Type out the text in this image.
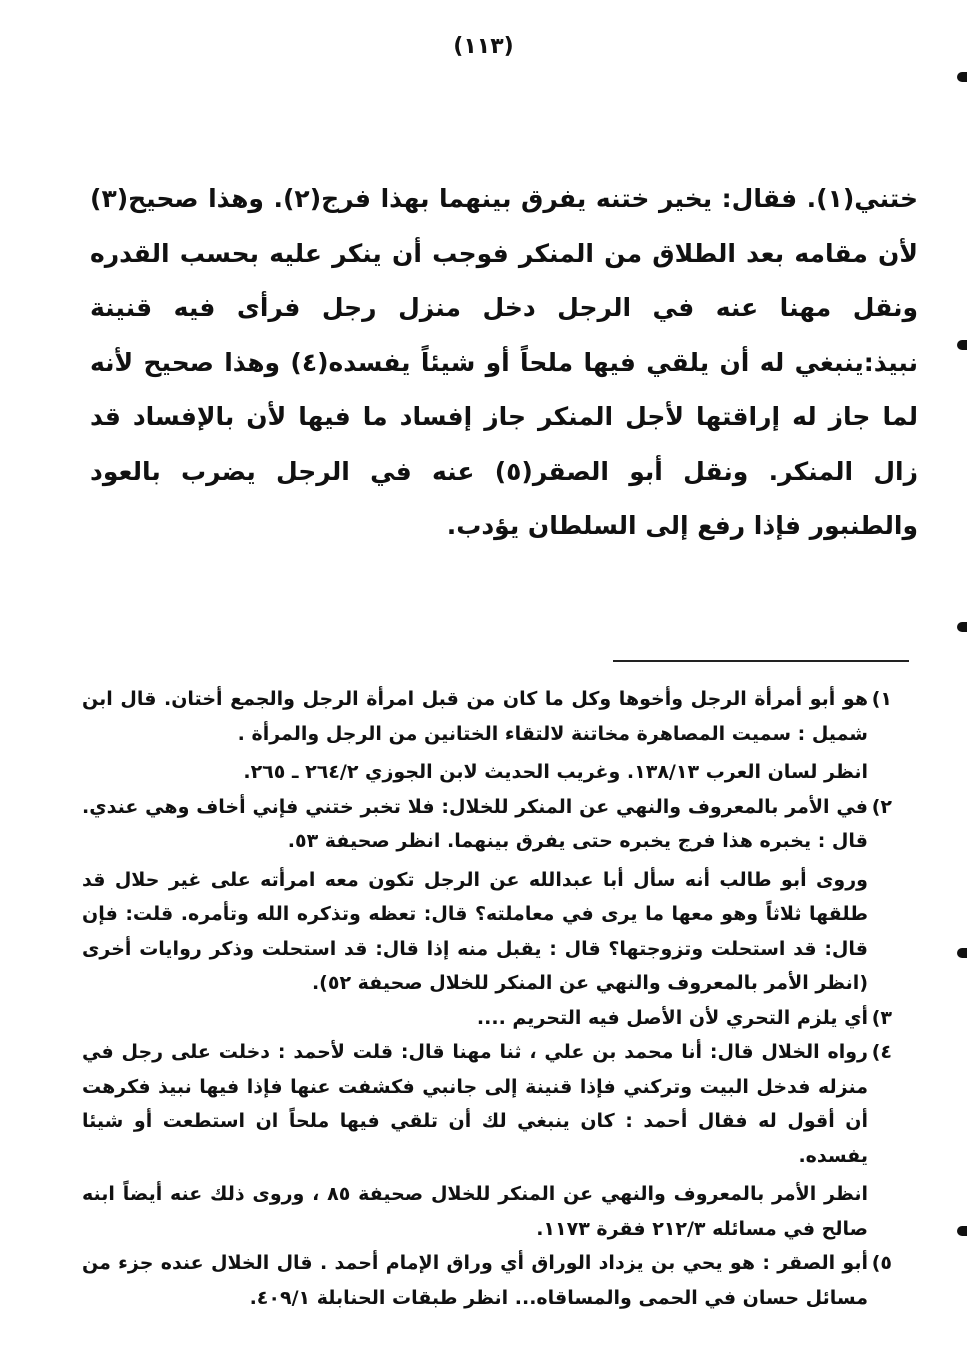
(١١٣)
ختني(١). فقال: يخير ختنه يفرق بينهما بهذا فرج(٢). وهذا صحيح(٣) لأن مقامه بعد الطلاق من المنكر فوجب أن ينكر عليه بحسب القدره ونقل مهنا عنه في الرجل دخل منزل رجل فرأى فيه قنينة نبيذ:ينبغي له أن يلقي فيها ملحاً أو شيئاً يفسده(٤) وهذا صحيح لأنه لما جاز له إراقتها لأجل المنكر جاز إفساد ما فيها لأن بالإفساد قد زال المنكر. ونقل أبو الصقر(٥) عنه في الرجل يضرب بالعود والطنبور فإذا رفع إلى السلطان يؤدب.
١)
هو أبو أمرأة الرجل وأخوها وكل ما كان من قبل امرأة الرجل والجمع أختان. قال ابن شميل : سميت المصاهرة مخاتنة لالتقاء الختانين من الرجل والمرأة .
انظر لسان العرب ١٣٨/١٣. وغريب الحديث لابن الجوزي ٢٦٤/٢ ـ ٢٦٥.
٢)
في الأمر بالمعروف والنهي عن المنكر للخلال: فلا تخبر ختني فإني أخاف وهي عندي. قال : يخبره هذا فرج يخبره حتى يفرق بينهما. انظر صحيفة ٥٣.
وروى أبو طالب أنه سأل أبا عبدالله عن الرجل تكون معه امرأته على غير حلال قد طلقها ثلاثاً وهو معها ما يرى في معاملته؟ قال: تعظه وتذكره الله وتأمره. قلت: فإن قال: قد استحلت وتزوجتها؟ قال : يقبل منه إذا قال: قد استحلت وذكر روايات أخرى (انظر الأمر بالمعروف والنهي عن المنكر للخلال صحيفة ٥٢).
٣)
أي يلزم التحري لأن الأصل فيه التحريم ....
٤)
رواه الخلال قال: أنا محمد بن علي ، ثنا مهنا قال: قلت لأحمد : دخلت على رجل في منزله فدخل البيت وتركني فإذا قنينة إلى جانبي فكشفت عنها فإذا فيها نبيذ فكرهت أن أقول له فقال أحمد : كان ينبغي لك أن تلقي فيها ملحاً ان استطعت أو شيئا يفسده.
انظر الأمر بالمعروف والنهي عن المنكر للخلال صحيفة ٨٥ ، وروى ذلك عنه أيضاً ابنه صالح في مسائله ٢١٢/٣ فقرة ١١٧٣.
٥)
أبو الصقر : هو يحي بن يزداد الوراق أي وراق الإمام أحمد . قال الخلال عنده جزء من مسائل حسان في الحمى والمساقاه... انظر طبقات الحنابلة ٤٠٩/١.
